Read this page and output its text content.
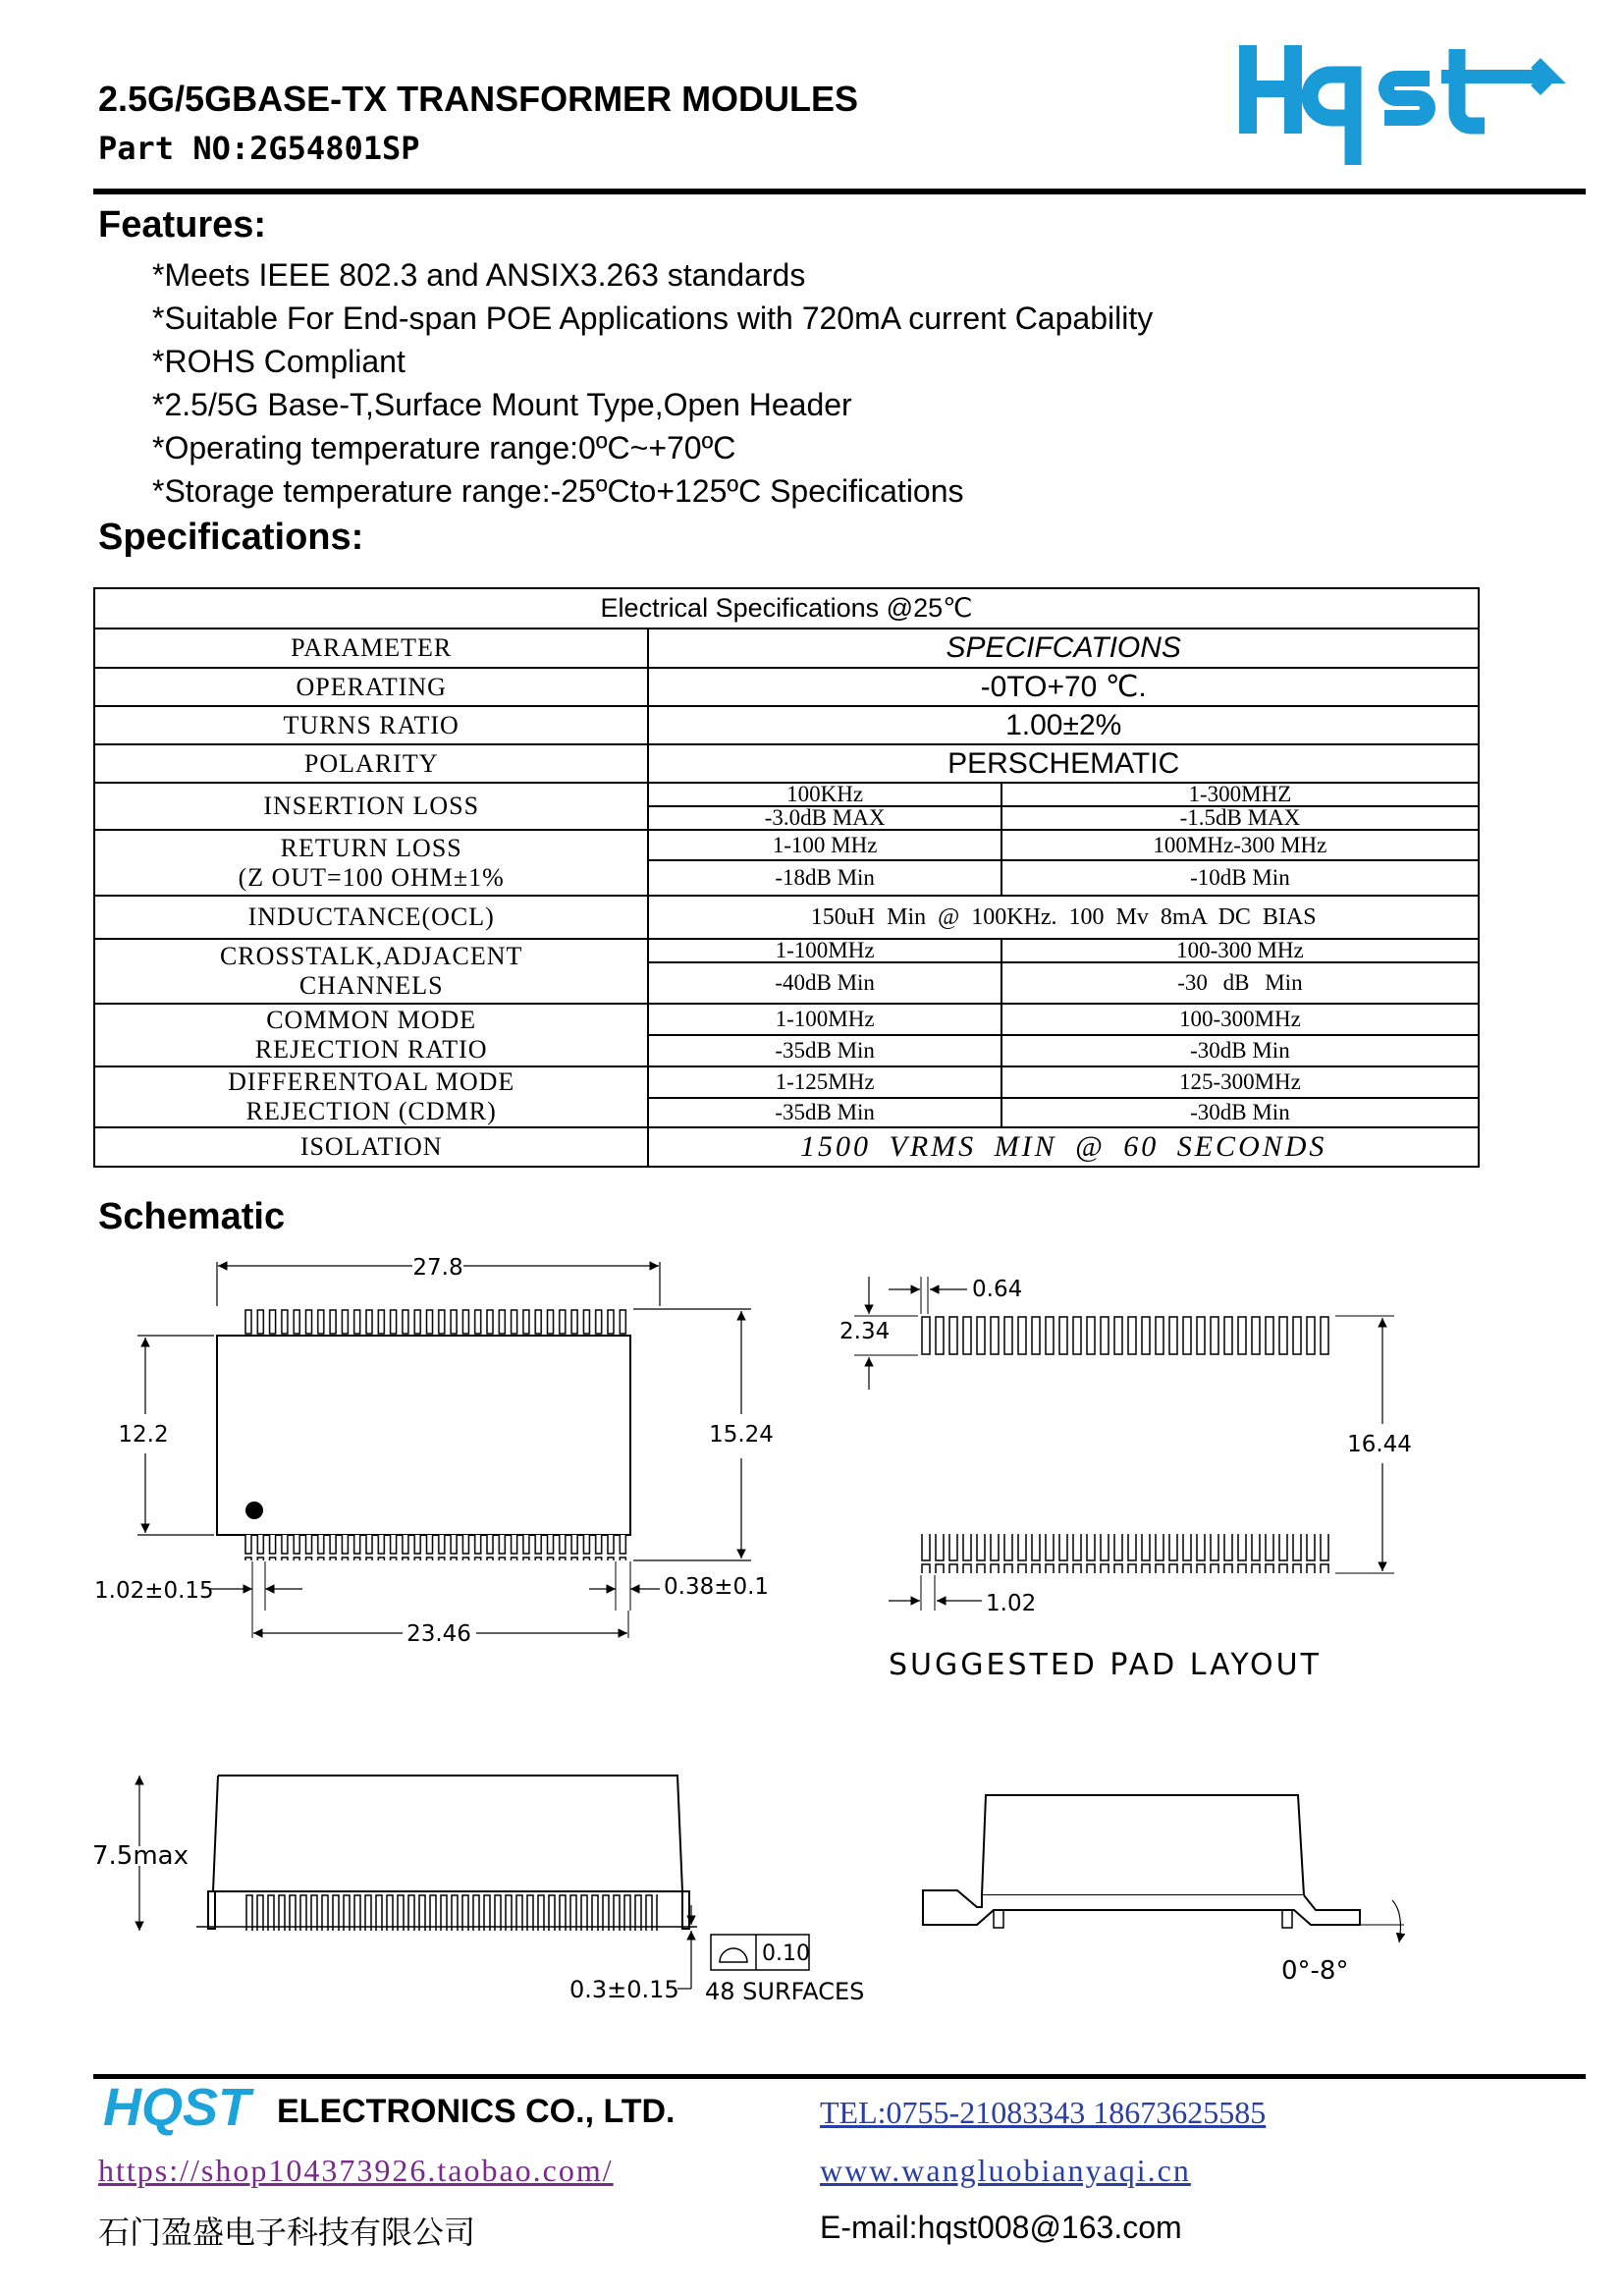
2.5G/5GBASE-TX TRANSFORMER MODULES
Part NO:2G54801SP
Features:
*Meets IEEE 802.3 and ANSIX3.263 standards
*Suitable For End-span POE Applications with 720mA current Capability
*ROHS Compliant
*2.5/5G Base-T,Surface Mount Type,Open Header
*Operating temperature range:0ºC~+70ºC
*Storage temperature range:-25ºCto+125ºC Specifications
Specifications:
Electrical Specifications @25℃		
PARAMETER	SPECIFCATIONS	
OPERATING	-0TO+70 ℃.	
TURNS RATIO	1.00±2%	
POLARITY	PERSCHEMATIC	
INSERTION LOSS	100KHz	1-300MHZ
	-3.0dB MAX	-1.5dB MAX

RETURN LOSS
(Z OUT=100 OHM±1%	1-100 MHz	100MHz-300 MHz
	-18dB Min	-10dB Min
INDUCTANCE(OCL)	150uH Min @ 100KHz. 100 Mv 8mA DC BIAS	

CROSSTALK,ADJACENT
CHANNELS	1-100MHz	100-300 MHz
	-40dB Min	-30 dB Min

COMMON MODE
REJECTION RATIO	1-100MHz	100-300MHz
	-35dB Min	-30dB Min

DIFFERENTOAL MODE
REJECTION (CDMR)	1-125MHz	125-300MHz
	-35dB Min	-30dB Min
ISOLATION	1500 VRMS MIN @ 60 SECONDS	
Schematic
27.8
12.2	15.24
1.02±0.15	0.38±0.1
23.46
0.64
2.34
16.44
1.02
SUGGESTED PAD LAYOUT
7.5max
0.3±0.15
0.10
48 SURFACES
0°-8°
HQST ELECTRONICS CO., LTD.	TEL:0755-21083343 18673625585
https://shop104373926.taobao.com/	www.wangluobianyaqi.cn
石门盈盛电子科技有限公司	E-mail:hqst008@163.com
